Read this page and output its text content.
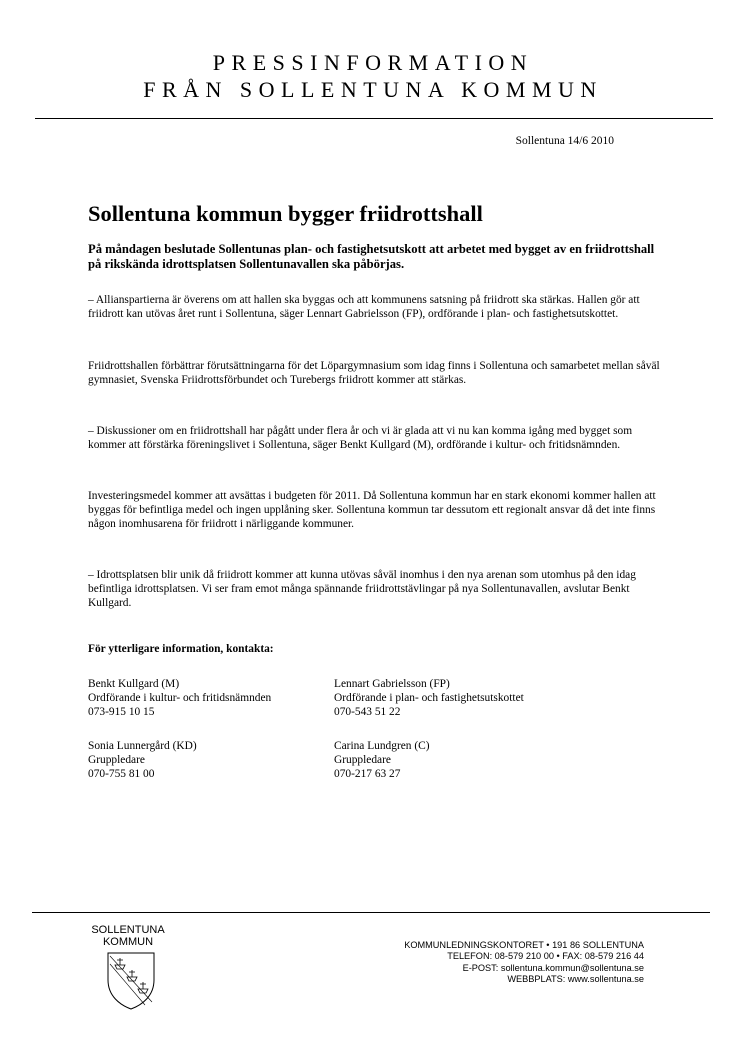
PRESSINFORMATION
FRÅN SOLLENTUNA KOMMUN
Sollentuna 14/6 2010
Sollentuna kommun bygger friidrottshall
På måndagen beslutade Sollentunas plan- och fastighetsutskott att arbetet med bygget av en friidrottshall på rikskända idrottsplatsen Sollentunavallen ska påbörjas.
– Allianspartierna är överens om att hallen ska byggas och att kommunens satsning på friidrott ska stärkas. Hallen gör att friidrott kan utövas året runt i Sollentuna, säger Lennart Gabrielsson (FP), ordförande i plan- och fastighetsutskottet.
Friidrottshallen förbättrar förutsättningarna för det Löpargymnasium som idag finns i Sollentuna och samarbetet mellan såväl gymnasiet, Svenska Friidrottsförbundet och Turebergs friidrott kommer att stärkas.
– Diskussioner om en friidrottshall har pågått under flera år och vi är glada att vi nu kan komma igång med bygget som kommer att förstärka föreningslivet i Sollentuna, säger Benkt Kullgard (M), ordförande i kultur- och fritidsnämnden.
Investeringsmedel kommer att avsättas i budgeten för 2011. Då Sollentuna kommun har en stark ekonomi kommer hallen att byggas för befintliga medel och ingen upplåning sker. Sollentuna kommun tar dessutom ett regionalt ansvar då det inte finns någon inomhusarena för friidrott i närliggande kommuner.
– Idrottsplatsen blir unik då friidrott kommer att kunna utövas såväl inomhus i den nya arenan som utomhus på den idag befintliga idrottsplatsen. Vi ser fram emot många spännande friidrottstävlingar på nya Sollentunavallen, avslutar Benkt Kullgard.
För ytterligare information, kontakta:
Benkt Kullgard (M)
Ordförande i kultur- och fritidsnämnden
073-915 10 15
Lennart Gabrielsson (FP)
Ordförande i plan- och fastighetsutskottet
070-543 51 22
Sonia Lunnergård (KD)
Gruppledare
070-755 81 00
Carina Lundgren (C)
Gruppledare
070-217 63 27
SOLLENTUNA
KOMMUN	KOMMUNLEDNINGSKONTORET • 191 86 SOLLENTUNA
TELEFON: 08-579 210 00 • FAX: 08-579 216 44
E-POST: sollentuna.kommun@sollentuna.se
WEBBPLATS: www.sollentuna.se
